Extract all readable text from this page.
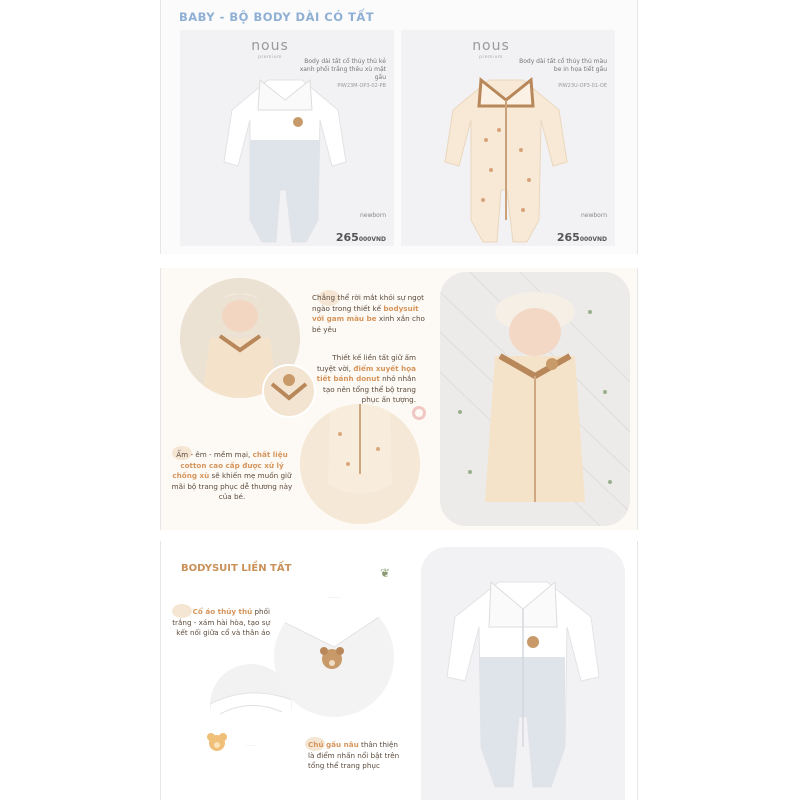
BABY - BỘ BODY DÀI CÓ TẤT
nous
premium
Body dài tất cổ thủy thủ kẻ xanh phối trắng thêu xù mặt gấu
PIW23M-OP3-02-PB
newborn
265000VND
nous
premium
Body dài tất cổ thủy thủ màu be in họa tiết gấu
PIW23U-OP3-01-OE
newborn
265000VND
Chẳng thể rời mắt khỏi sự ngọt ngào trong thiết kế bodysuit với gam màu be xinh xắn cho bé yêu
Thiết kế liền tất giữ ấm tuyệt vời, điểm xuyết họa tiết bánh donut nhỏ nhắn tạo nên tổng thể bộ trang phục ấn tượng.
Ấm - êm - mềm mại, chất liệu cotton cao cấp được xử lý chống xù sẽ khiến mẹ muốn giữ mãi bộ trang phục dễ thương này của bé.
BODYSUIT LIỀN TẤT	❦
Cổ áo thủy thủ phối trắng - xám hài hòa, tạo sự kết nối giữa cổ và thân áo
Chú gấu nâu thân thiện là điểm nhấn nổi bật trên tổng thể trang phục
